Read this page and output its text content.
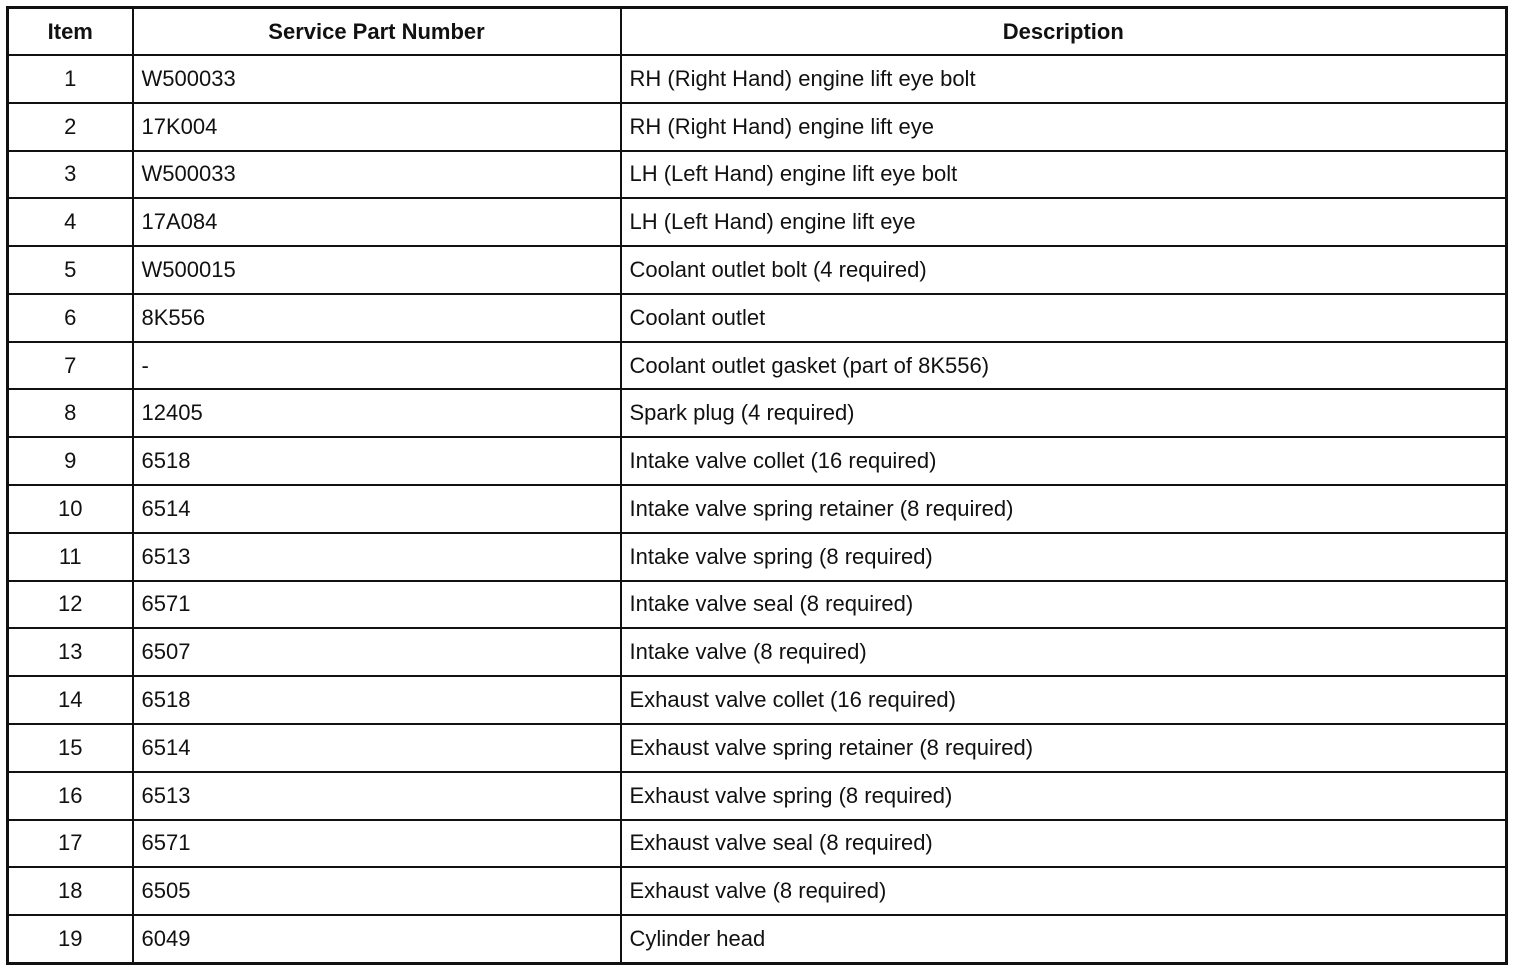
Item	Service Part Number	Description
1	W500033	RH (Right Hand) engine lift eye bolt
2	17K004	RH (Right Hand) engine lift eye
3	W500033	LH (Left Hand) engine lift eye bolt
4	17A084	LH (Left Hand) engine lift eye
5	W500015	Coolant outlet bolt (4 required)
6	8K556	Coolant outlet
7	-	Coolant outlet gasket (part of 8K556)
8	12405	Spark plug (4 required)
9	6518	Intake valve collet (16 required)
10	6514	Intake valve spring retainer (8 required)
11	6513	Intake valve spring (8 required)
12	6571	Intake valve seal (8 required)
13	6507	Intake valve (8 required)
14	6518	Exhaust valve collet (16 required)
15	6514	Exhaust valve spring retainer (8 required)
16	6513	Exhaust valve spring (8 required)
17	6571	Exhaust valve seal (8 required)
18	6505	Exhaust valve (8 required)
19	6049	Cylinder head
